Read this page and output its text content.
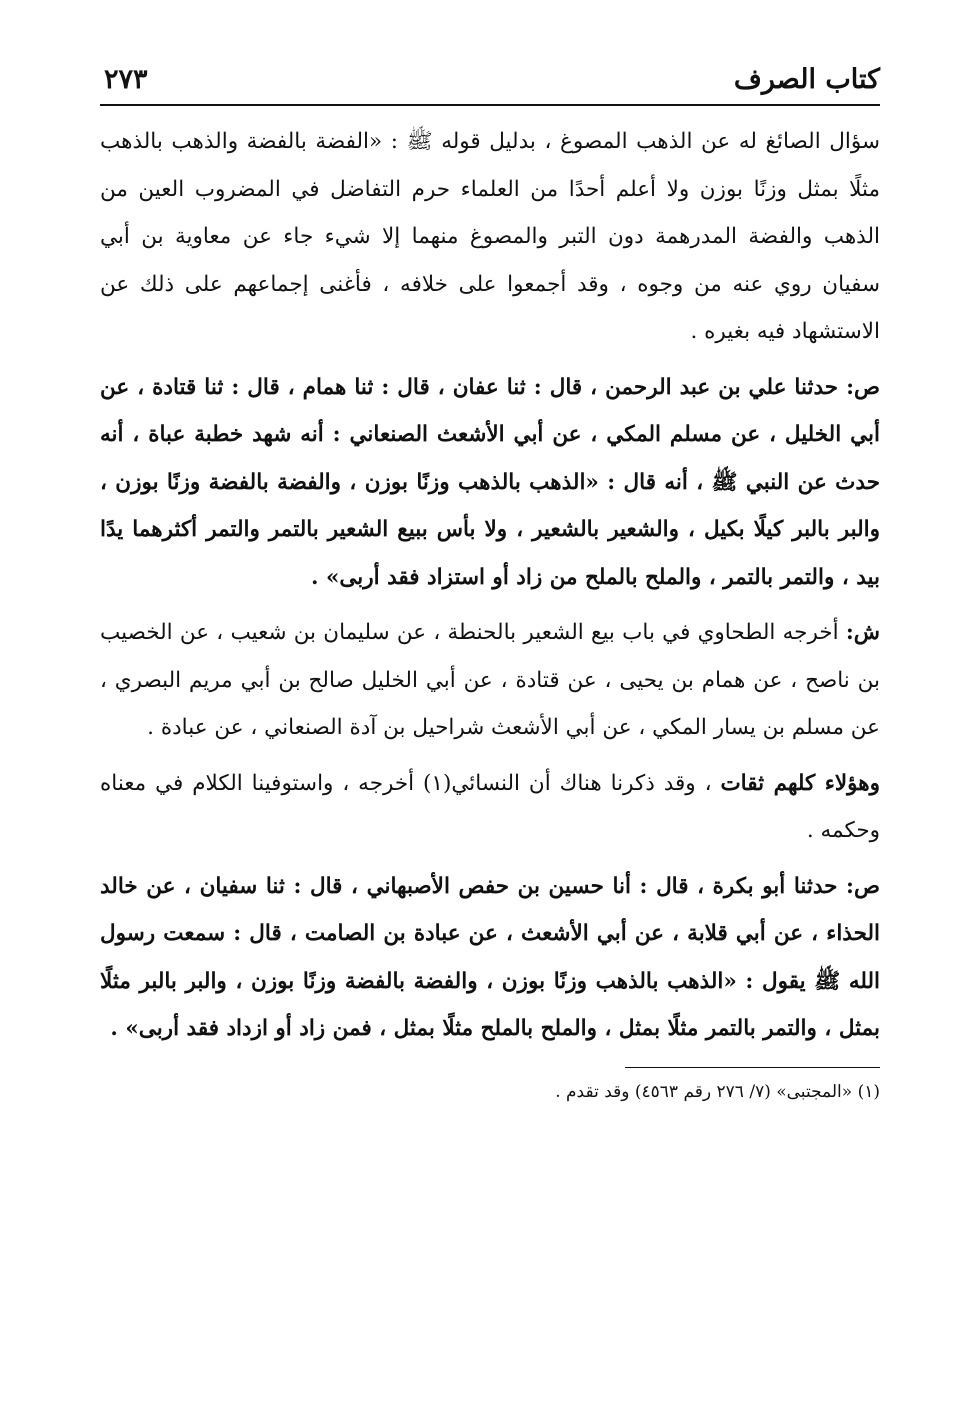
كتاب الصرف
٢٧٣

سؤال الصائغ له عن الذهب المصوغ ، بدليل قوله ﷺ : «الفضة بالفضة والذهب بالذهب مثلًا بمثل وزنًا بوزن ولا أعلم أحدًا من العلماء حرم التفاضل في المضروب العين من الذهب والفضة المدرهمة دون التبر والمصوغ منهما إلا شيء جاء عن معاوية بن أبي سفيان روي عنه من وجوه ، وقد أجمعوا على خلافه ، فأغنى إجماعهم على ذلك عن الاستشهاد فيه بغيره .

ص: حدثنا علي بن عبد الرحمن ، قال : ثنا عفان ، قال : ثنا همام ، قال : ثنا قتادة ، عن أبي الخليل ، عن مسلم المكي ، عن أبي الأشعث الصنعاني : أنه شهد خطبة عباة ، أنه حدث عن النبي ﷺ ، أنه قال : «الذهب بالذهب وزنًا بوزن ، والفضة بالفضة وزنًا بوزن ، والبر بالبر كيلًا بكيل ، والشعير بالشعير ، ولا بأس ببيع الشعير بالتمر والتمر أكثرهما يدًا بيد ، والتمر بالتمر ، والملح بالملح من زاد أو استزاد فقد أربى» .

ش: أخرجه الطحاوي في باب بيع الشعير بالحنطة ، عن سليمان بن شعيب ، عن الخصيب بن ناصح ، عن همام بن يحيى ، عن قتادة ، عن أبي الخليل صالح بن أبي مريم البصري ، عن مسلم بن يسار المكي ، عن أبي الأشعث شراحيل بن آدة الصنعاني ، عن عبادة .

وهؤلاء كلهم ثقات ، وقد ذكرنا هناك أن النسائي(١) أخرجه ، واستوفينا الكلام في معناه وحكمه .

ص: حدثنا أبو بكرة ، قال : أنا حسين بن حفص الأصبهاني ، قال : ثنا سفيان ، عن خالد الحذاء ، عن أبي قلابة ، عن أبي الأشعث ، عن عبادة بن الصامت ، قال : سمعت رسول الله ﷺ يقول : «الذهب بالذهب وزنًا بوزن ، والفضة بالفضة وزنًا بوزن ، والبر بالبر مثلًا بمثل ، والتمر بالتمر مثلًا بمثل ، والملح بالملح مثلًا بمثل ، فمن زاد أو ازداد فقد أربى» .

(١) «المجتبى» (٧/ ٢٧٦ رقم ٤٥٦٣) وقد تقدم .
